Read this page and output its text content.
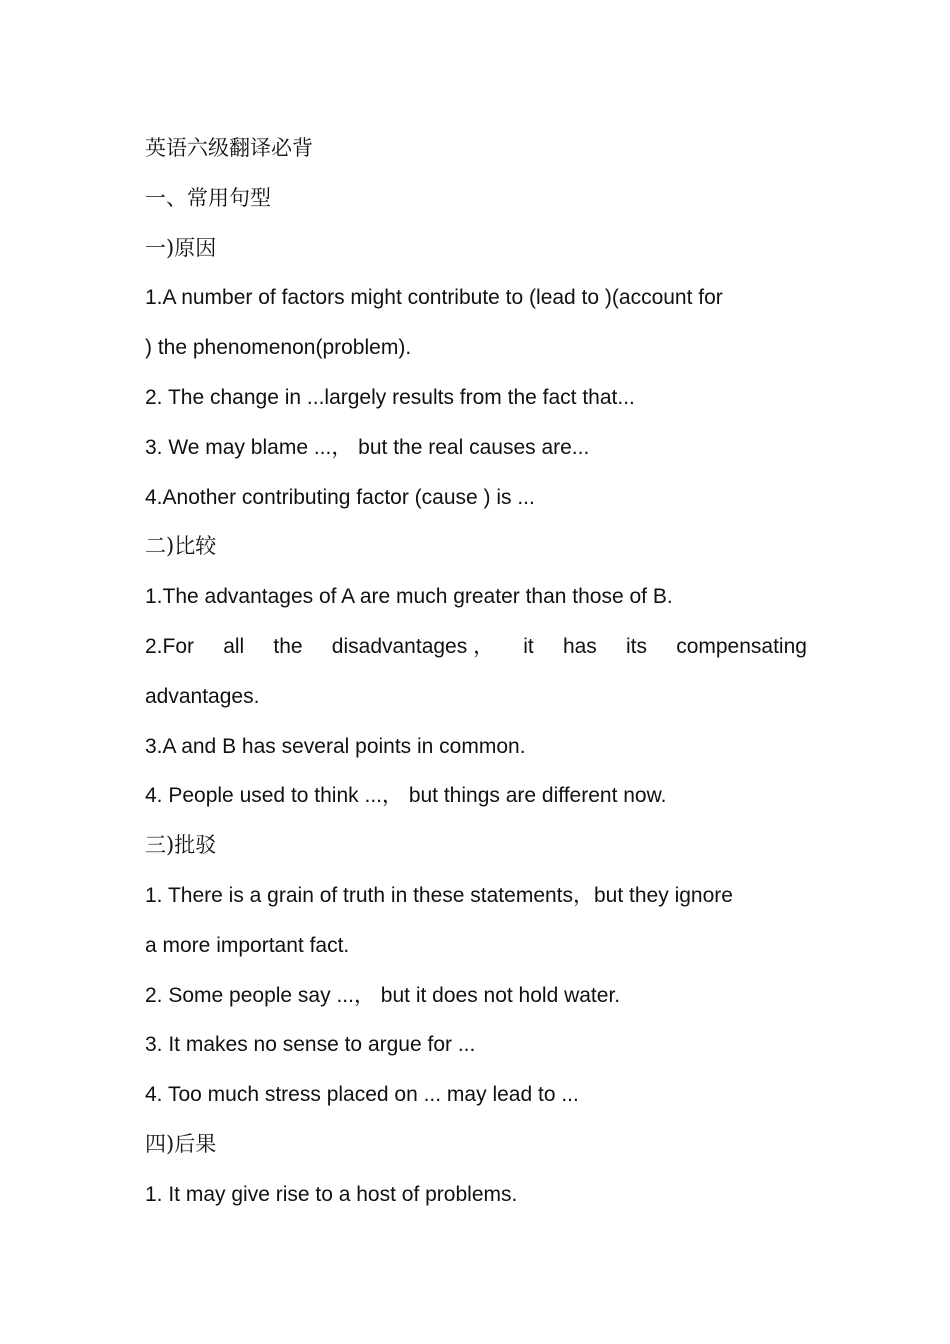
英语六级翻译必背
一、常用句型
一)原因
1.A number of factors might contribute to (lead to )(account for
) the phenomenon(problem).
2. The change in ...largely results from the fact that...
3. We may blame ...， but the real causes are...
4.Another contributing factor (cause ) is ...
二)比较
1.The advantages of A are much greater than those of B.
2.For all the disadvantages ， it has its compensating
advantages.
3.A and B has several points in common.
4. People used to think ...， but things are different now.
三)批驳
1. There is a grain of truth in these statements，but they ignore
a more important fact.
2. Some people say ...， but it does not hold water.
3. It makes no sense to argue for ...
4. Too much stress placed on ... may lead to ...
四)后果
1. It may give rise to a host of problems.
